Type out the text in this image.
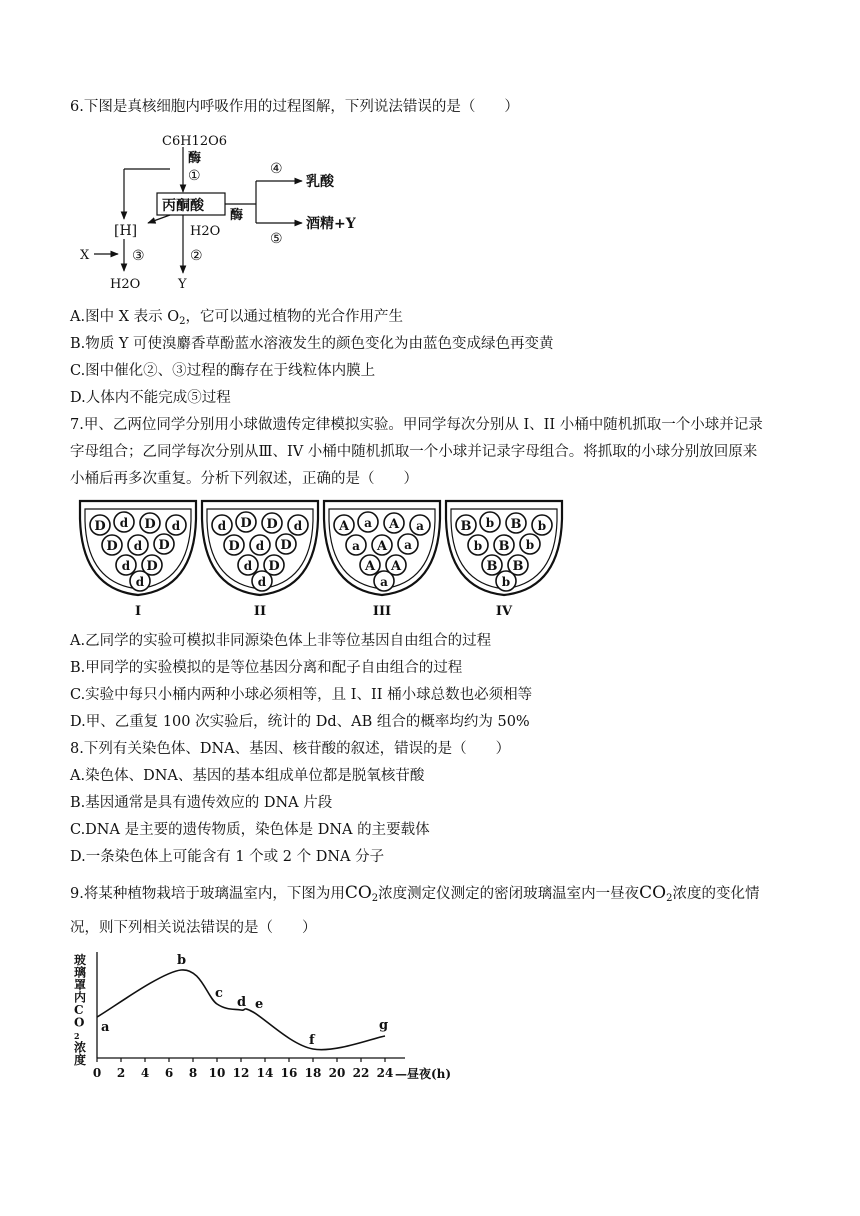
6.下图是真核细胞内呼吸作用的过程图解，下列说法错误的是（　　）
C6H12O6
酶
①
丙酮酸
酶
④
乳酸
酒精+Y
⑤
[H]	H2O
②
Y
X	③
H2O
A.图中 X 表示 $O_2$，它可以通过植物的光合作用产生
B.物质 Y 可使溴麝香草酚蓝水溶液发生的颜色变化为由蓝色变成绿色再变黄
C.图中催化②、③过程的酶存在于线粒体内膜上
D.人体内不能完成⑤过程
7.甲、乙两位同学分别用小球做遗传定律模拟实验。甲同学每次分别从 I、II 小桶中随机抓取一个小球并记录
字母组合；乙同学每次分别从Ⅲ、IV 小桶中随机抓取一个小球并记录字母组合。将抓取的小球分别放回原来
小桶后再多次重复。分析下列叙述，正确的是（　　）
D d D d
D d D
d D
d
I
d D D d
D d D
d D
d
II
A a A a
a A a
A A
a
III
B b B b
b B b
B B
b
IV
A.乙同学的实验可模拟非同源染色体上非等位基因自由组合的过程
B.甲同学的实验模拟的是等位基因分离和配子自由组合的过程
C.实验中每只小桶内两种小球必须相等，且 I、II 桶小球总数也必须相等
D.甲、乙重复 100 次实验后，统计的 Dd、AB 组合的概率均约为 50%
8.下列有关染色体、DNA、基因、核苷酸的叙述，错误的是（　　）
A.染色体、DNA、基因的基本组成单位都是脱氧核苷酸
B.基因通常是具有遗传效应的 DNA 片段
C.DNA 是主要的遗传物质，染色体是 DNA 的主要载体
D.一条染色体上可能含有 1 个或 2 个 DNA 分子
9.将某种植物栽培于玻璃温室内，下图为用$CO_2$浓度测定仪测定的密闭玻璃温室内一昼夜$CO_2$浓度的变化情
况，则下列相关说法错误的是（　　）
玻璃罩内 C O 2 浓度
0 2 4 6 8 10 12 14 16 18 20 22 24 —昼夜(h)
a
b
c
d e
f
g
